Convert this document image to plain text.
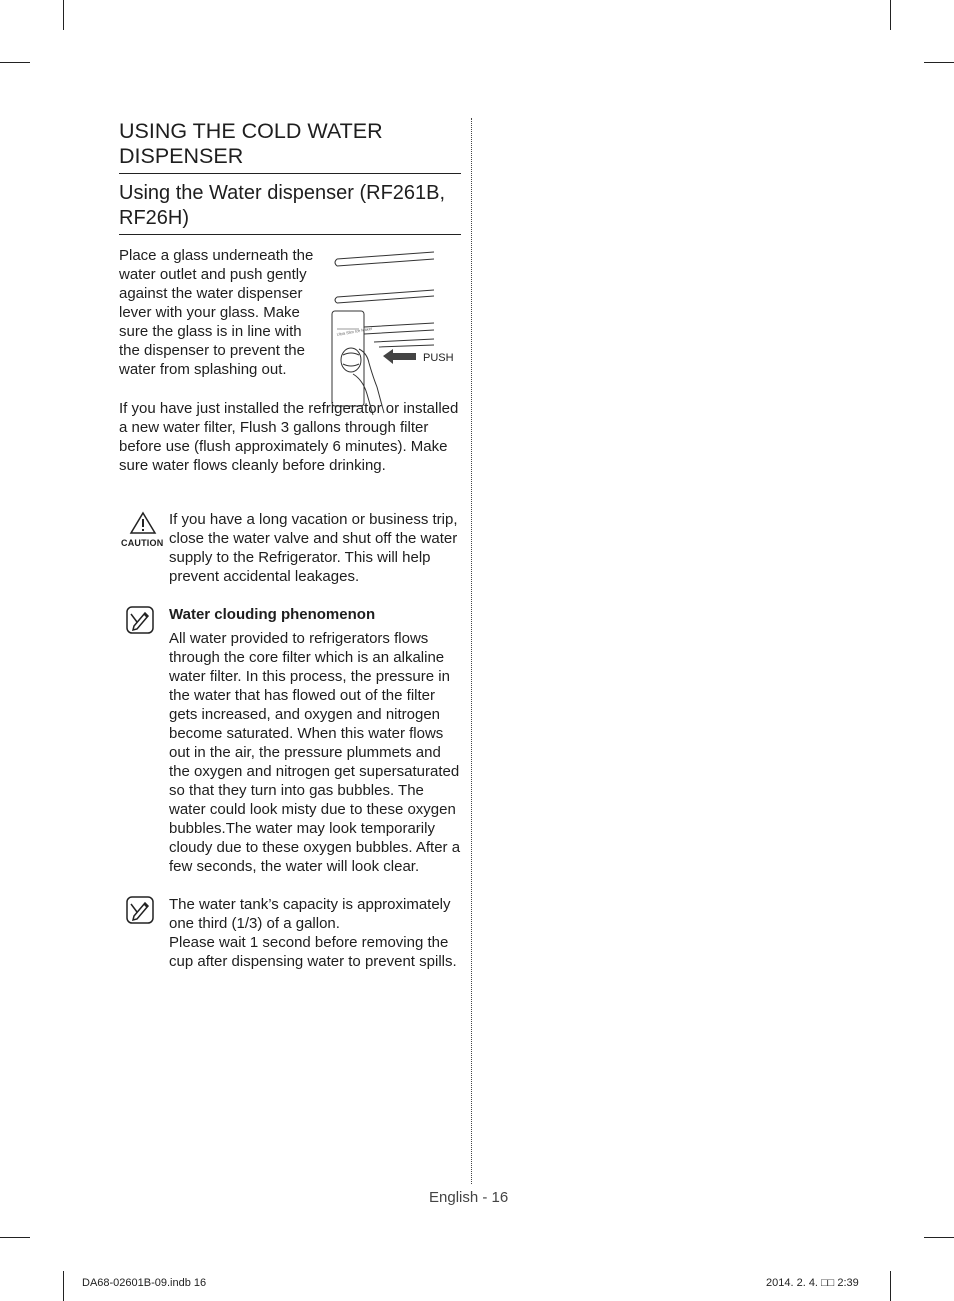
USING THE COLD WATER DISPENSER
Using the Water dispenser (RF261B, RF26H)

Place a glass underneath the water outlet and push gently against the water dispenser lever with your glass. Make sure the glass is in line with the dispenser to prevent the water from splashing out.

Ultra Slim Ice Maker
PUSH

If you have just installed the refrigerator or installed a new water filter, Flush 3 gallons through filter before use (flush approximately 6 minutes). Make sure water flows cleanly before drinking.

CAUTION

If you have a long vacation or business trip, close the water valve and shut off the water supply to the Refrigerator. This will help prevent accidental leakages.

Water clouding phenomenon

All water provided to refrigerators flows through the core filter which is an alkaline water filter. In this process, the pressure in the water that has flowed out of the filter gets increased, and oxygen and nitrogen become saturated. When this water flows out in the air, the pressure plummets and the oxygen and nitrogen get supersaturated so that they turn into gas bubbles. The water could look misty due to these oxygen bubbles.The water may look temporarily cloudy due to these oxygen bubbles. After a few seconds, the water will look clear.

The water tank’s capacity is approximately one third (1/3) of a gallon.

Please wait 1 second before removing the cup after dispensing water to prevent spills.

English - 16
DA68-02601B-09.indb 16	2014. 2. 4. □□ 2:39
